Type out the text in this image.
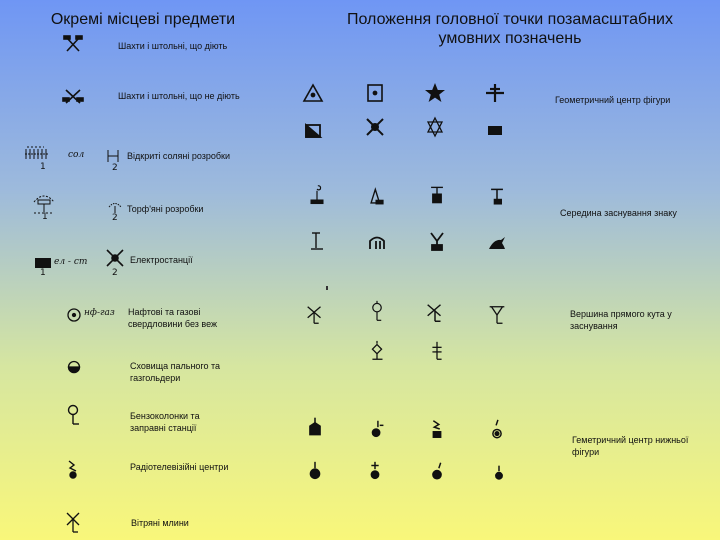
Окремі місцеві предмети	Положення головної точки позамасштабних умовних позначень
Шахти і штольні, що діють
Шахти і штольні, що не діють
Відкриті солянi розробки
Торф'яні розробки
Електростанції
Нафтові та газові свердловини без веж
Сховища пального та газгольдери
Бензоколонки та заправні станції
Радіотелевізійні центри
Вітряні млини
сол
1	2
1	2
ел - ст
1	2
нф-газ
Геометричний центр фігури
Середина заснування знаку
Вершина прямого кута у заснування
Геметричний центр нижньої фігури
